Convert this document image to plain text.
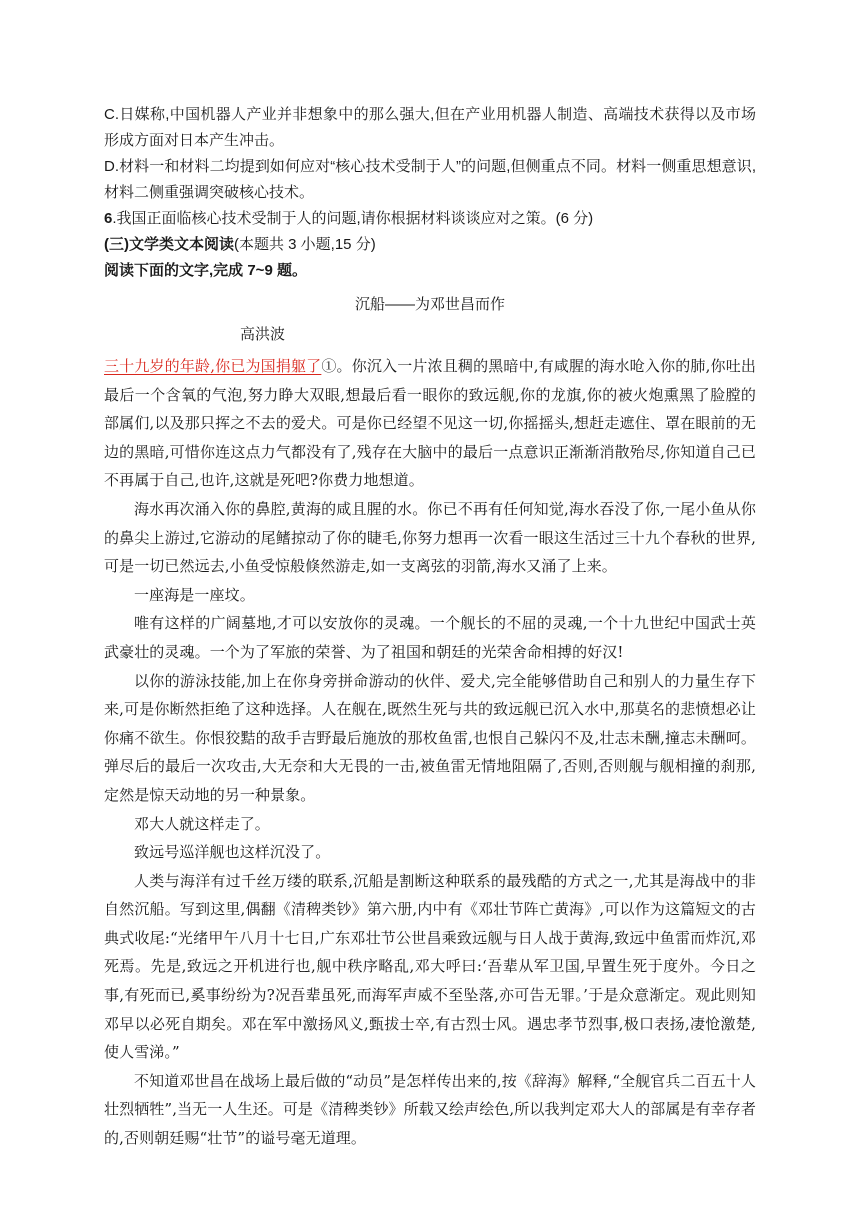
C.日媒称,中国机器人产业并非想象中的那么强大,但在产业用机器人制造、高端技术获得以及市场形成方面对日本产生冲击。

D.材料一和材料二均提到如何应对“核心技术受制于人”的问题,但侧重点不同。材料一侧重思想意识,材料二侧重强调突破核心技术。

6.我国正面临核心技术受制于人的问题,请你根据材料谈谈应对之策。(6 分)

(三)文学类文本阅读(本题共 3 小题,15 分)

阅读下面的文字,完成 7~9 题。

沉船——为邓世昌而作

高洪波

三十九岁的年龄,你已为国捐躯了①。你沉入一片浓且稠的黑暗中,有咸腥的海水呛入你的肺,你吐出最后一个含氧的气泡,努力睁大双眼,想最后看一眼你的致远舰,你的龙旗,你的被火炮熏黑了脸膛的部属们,以及那只挥之不去的爱犬。可是你已经望不见这一切,你摇摇头,想赶走遮住、罩在眼前的无边的黑暗,可惜你连这点力气都没有了,残存在大脑中的最后一点意识正渐渐消散殆尽,你知道自己已不再属于自己,也许,这就是死吧?你费力地想道。

海水再次涌入你的鼻腔,黄海的咸且腥的水。你已不再有任何知觉,海水吞没了你,一尾小鱼从你的鼻尖上游过,它游动的尾鳍掠动了你的睫毛,你努力想再一次看一眼这生活过三十九个春秋的世界,可是一切已然远去,小鱼受惊般倏然游走,如一支离弦的羽箭,海水又涌了上来。

一座海是一座坟。

唯有这样的广阔墓地,才可以安放你的灵魂。一个舰长的不屈的灵魂,一个十九世纪中国武士英武豪壮的灵魂。一个为了军旅的荣誉、为了祖国和朝廷的光荣舍命相搏的好汉!

以你的游泳技能,加上在你身旁拼命游动的伙伴、爱犬,完全能够借助自己和别人的力量生存下来,可是你断然拒绝了这种选择。人在舰在,既然生死与共的致远舰已沉入水中,那莫名的悲愤想必让你痛不欲生。你恨狡黠的敌手吉野最后施放的那枚鱼雷,也恨自己躲闪不及,壮志未酬,撞志未酬呵。弹尽后的最后一次攻击,大无奈和大无畏的一击,被鱼雷无情地阻隔了,否则,否则舰与舰相撞的刹那,定然是惊天动地的另一种景象。

邓大人就这样走了。

致远号巡洋舰也这样沉没了。

人类与海洋有过千丝万缕的联系,沉船是割断这种联系的最残酷的方式之一,尤其是海战中的非自然沉船。写到这里,偶翻《清稗类钞》第六册,内中有《邓壮节阵亡黄海》,可以作为这篇短文的古典式收尾:“光绪甲午八月十七日,广东邓壮节公世昌乘致远舰与日人战于黄海,致远中鱼雷而炸沉,邓死焉。先是,致远之开机进行也,舰中秩序略乱,邓大呼曰:‘吾辈从军卫国,早置生死于度外。今日之事,有死而已,奚事纷纷为?况吾辈虽死,而海军声威不至坠落,亦可告无罪。’于是众意渐定。观此则知邓早以必死自期矣。邓在军中激扬风义,甄拔士卒,有古烈士风。遇忠孝节烈事,极口表扬,凄怆激楚,使人雪涕。”

不知道邓世昌在战场上最后做的“动员”是怎样传出来的,按《辞海》解释,“全舰官兵二百五十人壮烈牺牲”,当无一人生还。可是《清稗类钞》所载又绘声绘色,所以我判定邓大人的部属是有幸存者的,否则朝廷赐“壮节”的谥号毫无道理。
